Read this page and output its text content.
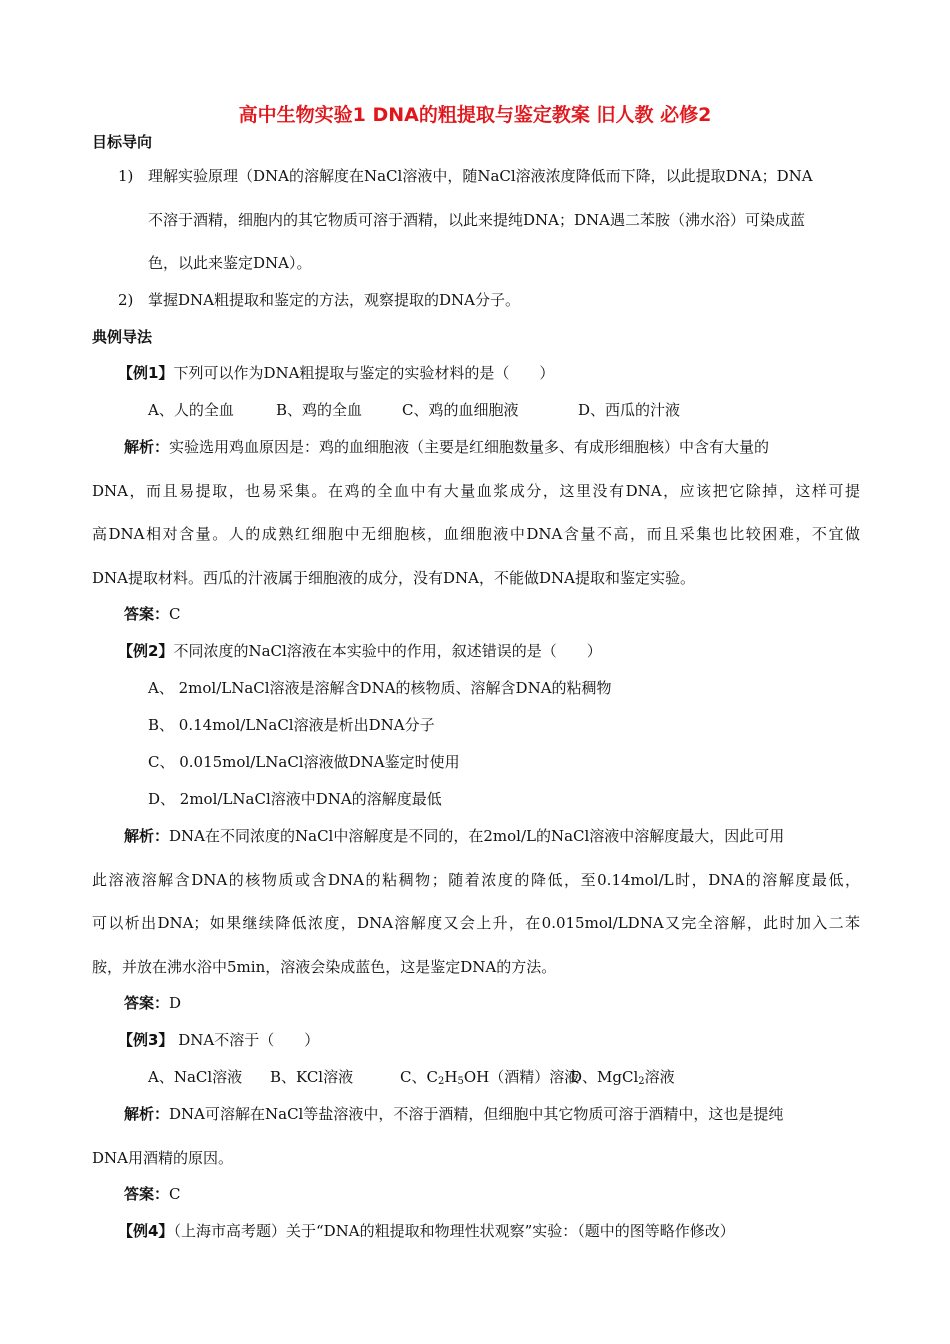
高中生物实验1 DNA的粗提取与鉴定教案 旧人教 必修2
目标导向
1) 理解实验原理（DNA的溶解度在NaCl溶液中，随NaCl溶液浓度降低而下降，以此提取DNA；DNA
不溶于酒精，细胞内的其它物质可溶于酒精，以此来提纯DNA；DNA遇二苯胺（沸水浴）可染成蓝
色，以此来鉴定DNA）。
2) 掌握DNA粗提取和鉴定的方法，观察提取的DNA分子。
典例导法
【例1】下列可以作为DNA粗提取与鉴定的实验材料的是（　　）
A、人的全血	B、鸡的全血	C、鸡的血细胞液	D、西瓜的汁液
解析：实验选用鸡血原因是：鸡的血细胞液（主要是红细胞数量多、有成形细胞核）中含有大量的
DNA，而且易提取，也易采集。在鸡的全血中有大量血浆成分，这里没有DNA，应该把它除掉，这样可提
高DNA相对含量。人的成熟红细胞中无细胞核，血细胞液中DNA含量不高，而且采集也比较困难，不宜做
DNA提取材料。西瓜的汁液属于细胞液的成分，没有DNA，不能做DNA提取和鉴定实验。
答案：C
【例2】不同浓度的NaCl溶液在本实验中的作用，叙述错误的是（　　）
A、 2mol/LNaCl溶液是溶解含DNA的核物质、溶解含DNA的粘稠物
B、 0.14mol/LNaCl溶液是析出DNA分子
C、 0.015mol/LNaCl溶液做DNA鉴定时使用
D、 2mol/LNaCl溶液中DNA的溶解度最低
解析：DNA在不同浓度的NaCl中溶解度是不同的，在2mol/L的NaCl溶液中溶解度最大，因此可用
此溶液溶解含DNA的核物质或含DNA的粘稠物；随着浓度的降低，至0.14mol/L时，DNA的溶解度最低，
可以析出DNA；如果继续降低浓度，DNA溶解度又会上升，在0.015mol/LDNA又完全溶解，此时加入二苯
胺，并放在沸水浴中5min，溶液会染成蓝色，这是鉴定DNA的方法。
答案：D
【例3】 DNA不溶于（　　）
A、NaCl溶液 B、KCl溶液	C、$C_2H_5OH$（酒精）溶液
D、MgCl$_2$溶液
解析：DNA可溶解在NaCl等盐溶液中，不溶于酒精，但细胞中其它物质可溶于酒精中，这也是提纯
DNA用酒精的原因。
答案：C
【例4】（上海市高考题）关于“DNA的粗提取和物理性状观察”实验：（题中的图等略作修改）
